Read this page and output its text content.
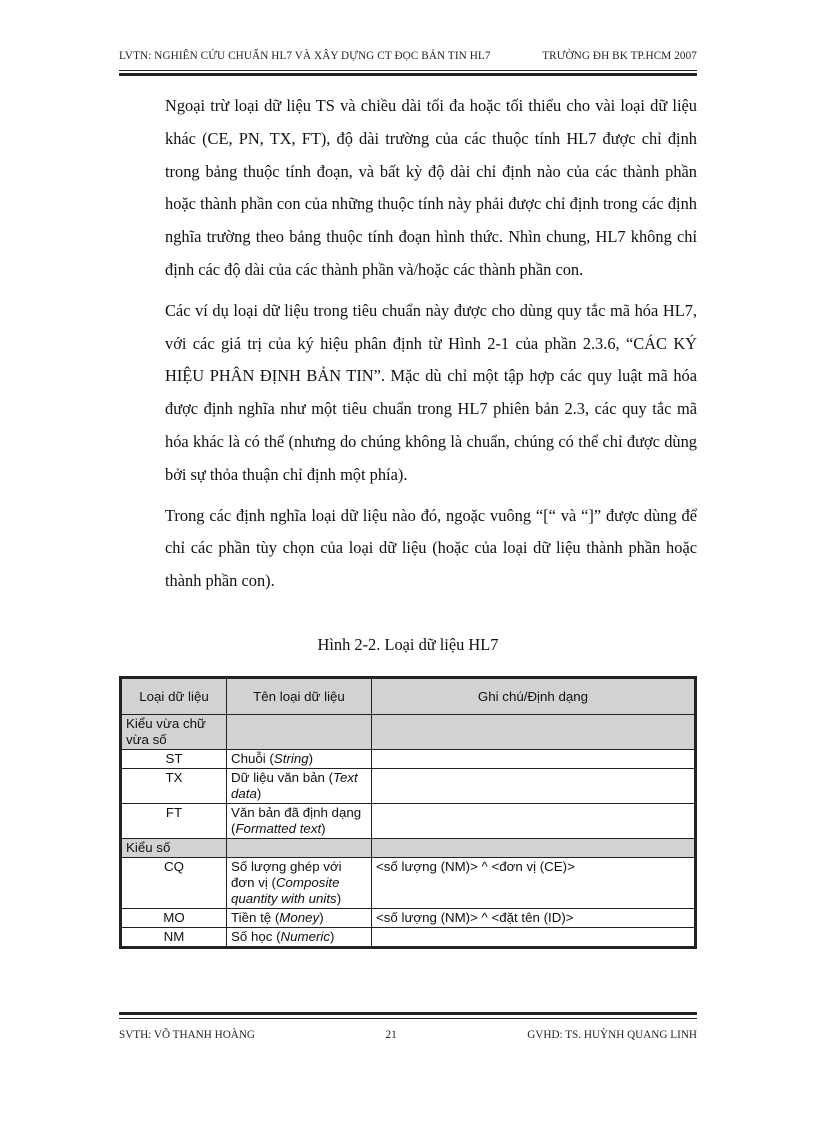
LVTN: NGHIÊN CỨU CHUẨN HL7 VÀ XÂY DỰNG CT ĐỌC BẢN TIN HL7	TRƯỜNG ĐH BK TP.HCM 2007

Ngoại trừ loại dữ liệu TS và chiều dài tối đa hoặc tối thiểu cho vài loại dữ liệu khác (CE, PN, TX, FT), độ dài trường của các thuộc tính HL7 được chỉ định trong bảng thuộc tính đoạn, và bất kỳ độ dài chỉ định nào của các thành phần hoặc thành phần con của những thuộc tính này phải được chỉ định trong các định nghĩa trường theo bảng thuộc tính đoạn hình thức. Nhìn chung, HL7 không chỉ định các độ dài của các thành phần và/hoặc các thành phần con.

Các ví dụ loại dữ liệu trong tiêu chuẩn này được cho dùng quy tắc mã hóa HL7, với các giá trị của ký hiệu phân định từ Hình 2-1 của phần 2.3.6, “CÁC KÝ HIỆU PHÂN ĐỊNH BẢN TIN”. Mặc dù chỉ một tập hợp các quy luật mã hóa được định nghĩa như một tiêu chuẩn trong HL7 phiên bản 2.3, các quy tắc mã hóa khác là có thể (nhưng do chúng không là chuẩn, chúng có thể chỉ được dùng bởi sự thỏa thuận chỉ định một phía).

Trong các định nghĩa loại dữ liệu nào đó, ngoặc vuông “[“ và “]” được dùng để chỉ các phần tùy chọn của loại dữ liệu (hoặc của loại dữ liệu thành phần hoặc thành phần con).

Hình 2-2. Loại dữ liệu HL7
Loại dữ liệu	Tên loại dữ liệu	Ghi chú/Định dạng
Kiểu vừa chữ vừa số		
ST	Chuỗi (String)	
TX	Dữ liệu văn bản (Text data)	
FT	Văn bản đã định dạng (Formatted text)	
Kiểu số		
CQ	Số lượng ghép với đơn vị (Composite quantity with units)	<số lượng (NM)> ^ <đơn vị (CE)>
MO	Tiền tệ (Money)	<số lượng (NM)> ^ <đặt tên (ID)>
NM	Số học (Numeric)	
SVTH: VÕ THANH HOÀNG	21	GVHD: TS. HUỲNH QUANG LINH
